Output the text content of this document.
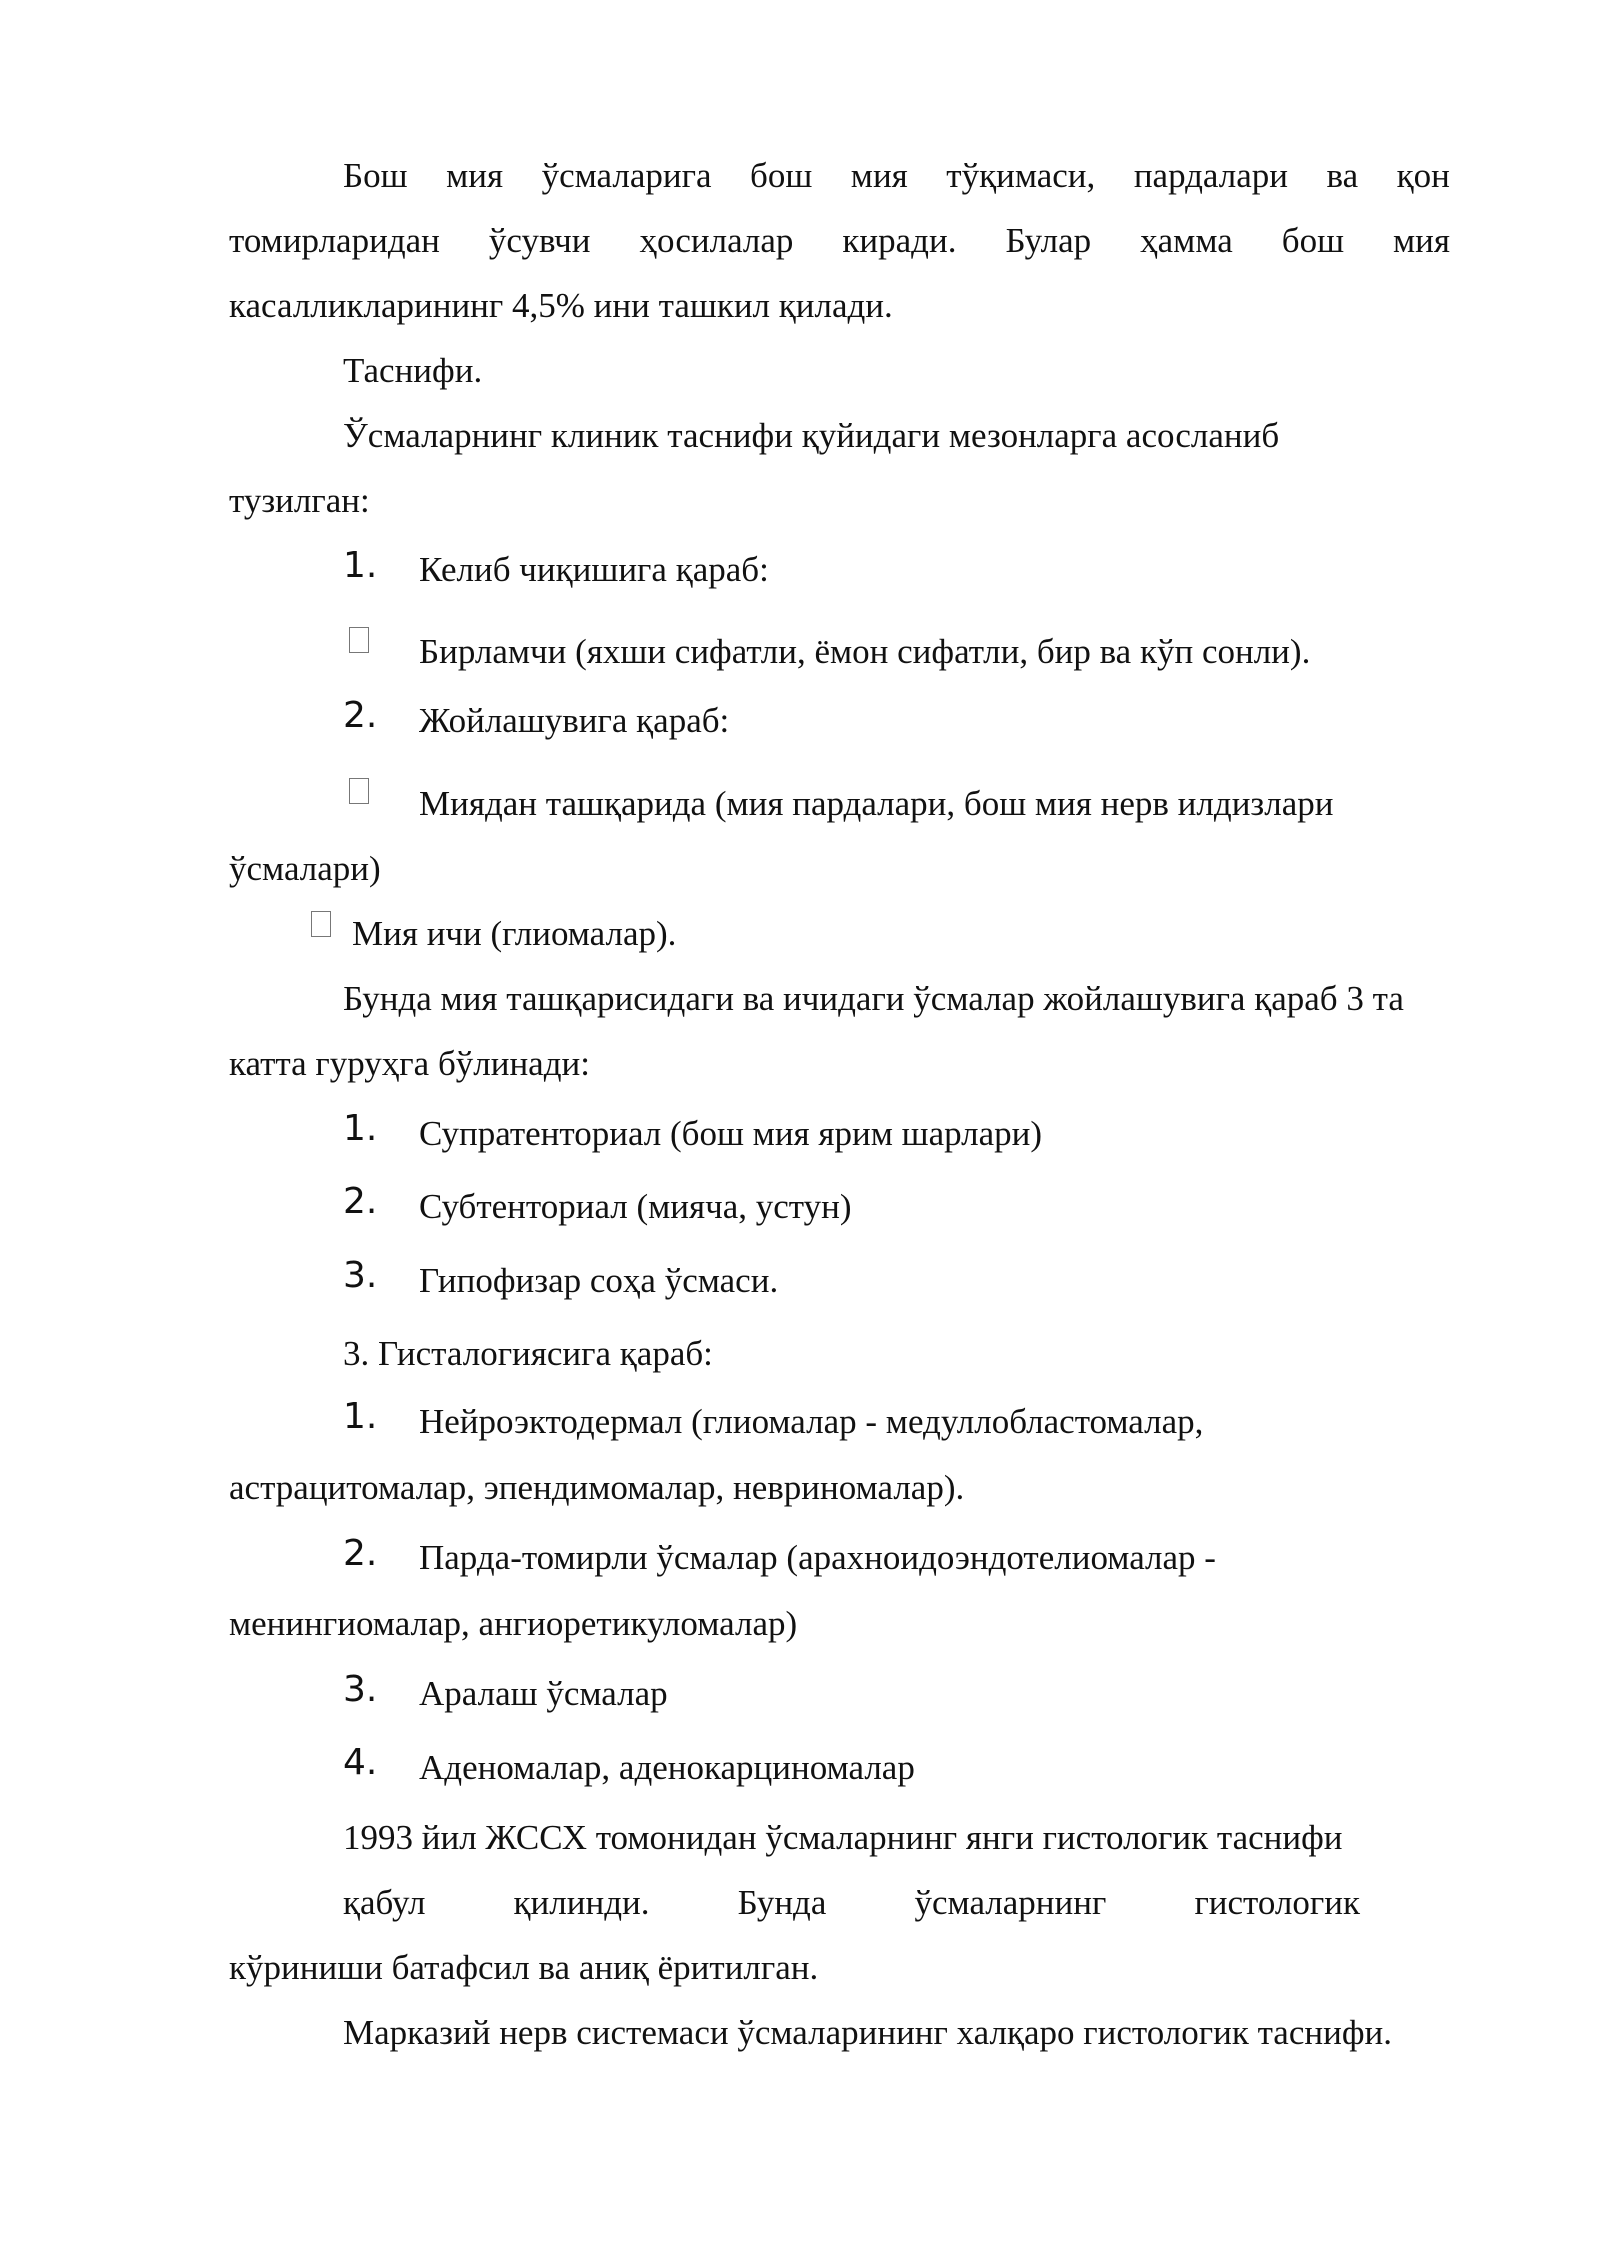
Бош мия ўсмаларига бош мия тўқимаси, пардалари ва қон
томирларидан ўсувчи ҳосилалар киради. Булар ҳамма бош мия
касалликларининг 4,5% ини ташкил қилади.
Таснифи.
Ўсмаларнинг клиник таснифи қуйидаги мезонларга асосланиб
тузилган:
1. Келиб чиқишига қараб:
Бирламчи (яхши сифатли, ёмон сифатли, бир ва кўп сонли).
2. Жойлашувига қараб:
Миядан ташқарида (мия пардалари, бош мия нерв илдизлари
ўсмалари)
Мия ичи (глиомалар).
Бунда мия ташқарисидаги ва ичидаги ўсмалар жойлашувига қараб 3 та
катта гуруҳга бўлинади:
1. Супратенториал (бош мия ярим шарлари)
2. Субтенториал (мияча, устун)
3. Гипофизар соҳа ўсмаси.
3. Гисталогиясига қараб:
1. Нейроэктодермал (глиомалар - медуллобластомалар,
астрацитомалар, эпендимомалар, невриномалар).
2. Парда-томирли ўсмалар (арахноидоэндотелиомалар -
менингиомалар, ангиоретикуломалар)
3. Аралаш ўсмалар
4. Аденомалар, аденокарциномалар
1993 йил ЖССХ томонидан ўсмаларнинг янги гистологик таснифи
қабул	қилинди.	Бунда	ўсмаларнинг	гистологик
кўриниши батафсил ва аниқ ёритилган.
Марказий нерв системаси ўсмаларининг халқаро гистологик таснифи.
